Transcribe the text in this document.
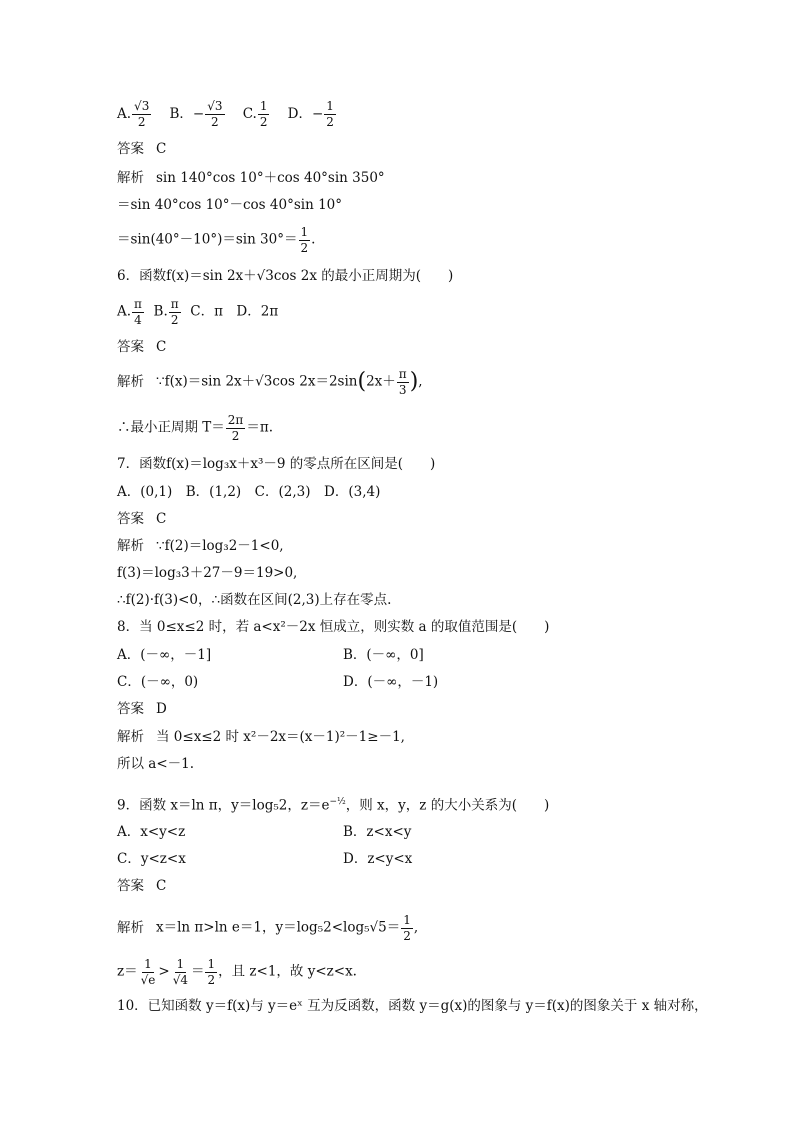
A. $\frac{√3}{2}$ B．− $\frac{√3}{2} C$. $\frac{1}{2}$ D．− $\frac{1}{2}$
答案 C
解析 sin 140°cos 10°＋cos 40°sin 350°
＝sin 40°cos 10°－cos 40°sin 10°
＝sin(40°－10°)＝sin $30^\circ= \frac{1}{2}$ .
6．函数f(x)＝sin 2x＋√3cos 2x 的最小正周期为(　　)
A. $\frac{\pi}{4} B$. $\frac{\pi}{2}$ C．π　D．2π
答案 C
解析 ∵f(x)＝sin 2x＋√3cos $2x=2\sin(2x+ \frac{\pi}{3}$ ),
∴最小正周期 $T= \frac{2\pi}{2} =\pi$.
7．函数f(x)＝log₃x＋x³－9 的零点所在区间是(　　)
A．(0,1)　B．(1,2)　C．(2,3)　D．(3,4)
答案 C
解析 ∵f(2)＝log₃2－1<0,
f(3)＝log₃3＋27－9＝19>0,
∴f(2)·f(3)<0，∴函数在区间(2,3)上存在零点.
8．当 0≤x≤2 时，若 a<x²－2x 恒成立，则实数 a 的取值范围是(　　)
A．(－∞，－1]	B．(－∞，0]
C．(－∞，0)	D．(－∞，－1)
答案 D
解析 当 0≤x≤2 时 x²－2x＝(x－1)²－1≥－1,
所以 a<－1.
9．函数 x＝ln π，y＝log₅2，$z=e^{-\frac{1}{2}}$，则 x，y，z 的大小关系为(　　)
A．x<y<z	B．z<x<y
C．y<z<x	D．z<y<x
答案 C
解析 x＝ln π>ln e＝1，$y=\log_52<\log_5√5= \frac{1}{2}$ ,
$z= \frac{1}{√e} > \frac{1}{√4} = \frac{1}{2}$ ，且 z<1，故 y<z<x.
10．已知函数 y＝f(x)与 y＝eˣ 互为反函数，函数 y＝g(x)的图象与 y＝f(x)的图象关于 x 轴对称，
